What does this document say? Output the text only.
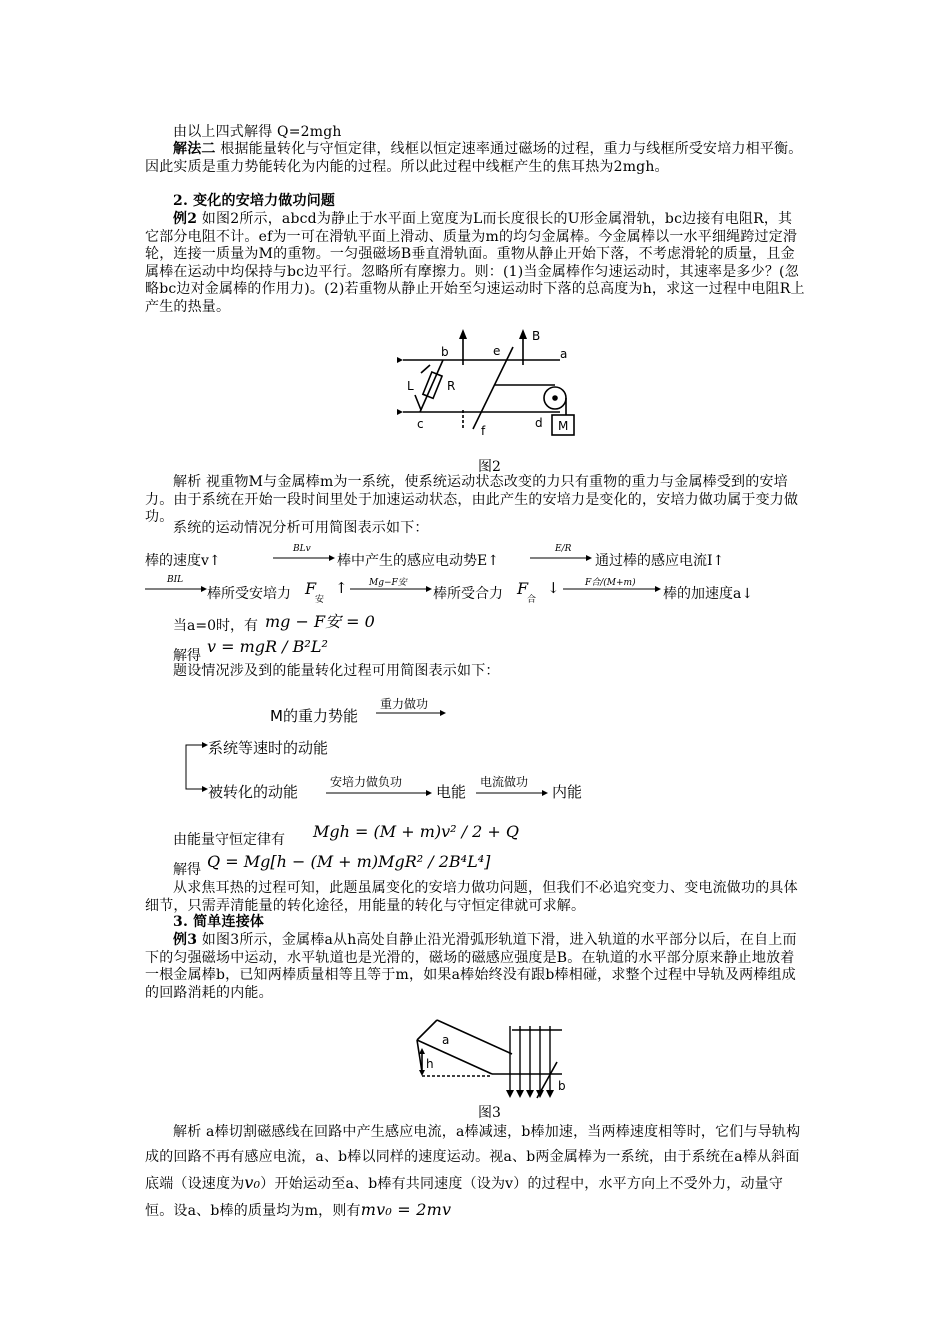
由以上四式解得 Q=2mgh

解法二 根据能量转化与守恒定律，线框以恒定速率通过磁场的过程，重力与线框所受安培力相平衡。因此实质是重力势能转化为内能的过程。所以此过程中线框产生的焦耳热为2mgh。

2. 变化的安培力做功问题

例2 如图2所示，abcd为静止于水平面上宽度为L而长度很长的U形金属滑轨，bc边接有电阻R，其它部分电阻不计。ef为一可在滑轨平面上滑动、质量为m的均匀金属棒。今金属棒以一水平细绳跨过定滑轮，连接一质量为M的重物。一匀强磁场B垂直滑轨面。重物从静止开始下落，不考虑滑轮的质量，且金属棒在运动中均保持与bc边平行。忽略所有摩擦力。则：(1)当金属棒作匀速运动时，其速率是多少？(忽略bc边对金属棒的作用力)。(2)若重物从静止开始至匀速运动时下落的总高度为h，求这一过程中电阻R上产生的热量。

b	e
B
a
L	R
c	f
d M
图2

解析 视重物M与金属棒m为一系统，使系统运动状态改变的力只有重物的重力与金属棒受到的安培力。由于系统在开始一段时间里处于加速运动状态，由此产生的安培力是变化的，安培力做功属于变力做功。

系统的运动情况分析可用简图表示如下：

棒的速度v↑
BLv
棒中产生的感应电动势E↑
E/R
通过棒的感应电流I↑
BIL
棒所受安培力 F
$_安$
↑ Mg−F安
棒所受合力 F
$_合$
↓	F合/(M+m)
棒的加速度a↓
当a=0时，有 mg − F安 = 0
解得 v = mgR / B²L²

题设情况涉及到的能量转化过程可用简图表示如下：

M的重力势能
重力做功
系统等速时的动能
被转化的动能
安培力做负功
电能
电流做功
内能
由能量守恒定律有 Mgh = (M + m)v² / 2 + Q
解得 Q = Mg[h − (M + m)MgR² / 2B⁴L⁴]

从求焦耳热的过程可知，此题虽属变化的安培力做功问题，但我们不必追究变力、变电流做功的具体细节，只需弄清能量的转化途径，用能量的转化与守恒定律就可求解。

3. 简单连接体

例3 如图3所示，金属棒a从h高处自静止沿光滑弧形轨道下滑，进入轨道的水平部分以后，在自上而下的匀强磁场中运动，水平轨道也是光滑的，磁场的磁感应强度是B。在轨道的水平部分原来静止地放着一根金属棒b，已知两棒质量相等且等于m，如果a棒始终没有跟b棒相碰，求整个过程中导轨及两棒组成的回路消耗的内能。

a
h
b
图3

解析 a棒切割磁感线在回路中产生感应电流，a棒减速，b棒加速，当两棒速度相等时，它们与导轨构成的回路不再有感应电流，a、b棒以同样的速度运动。视a、b两金属棒为一系统，由于系统在a棒从斜面底端（设速度为v₀）开始运动至a、b棒有共同速度（设为v）的过程中，水平方向上不受外力，动量守恒。设a、b棒的质量均为m，则有mv₀ = 2mv
